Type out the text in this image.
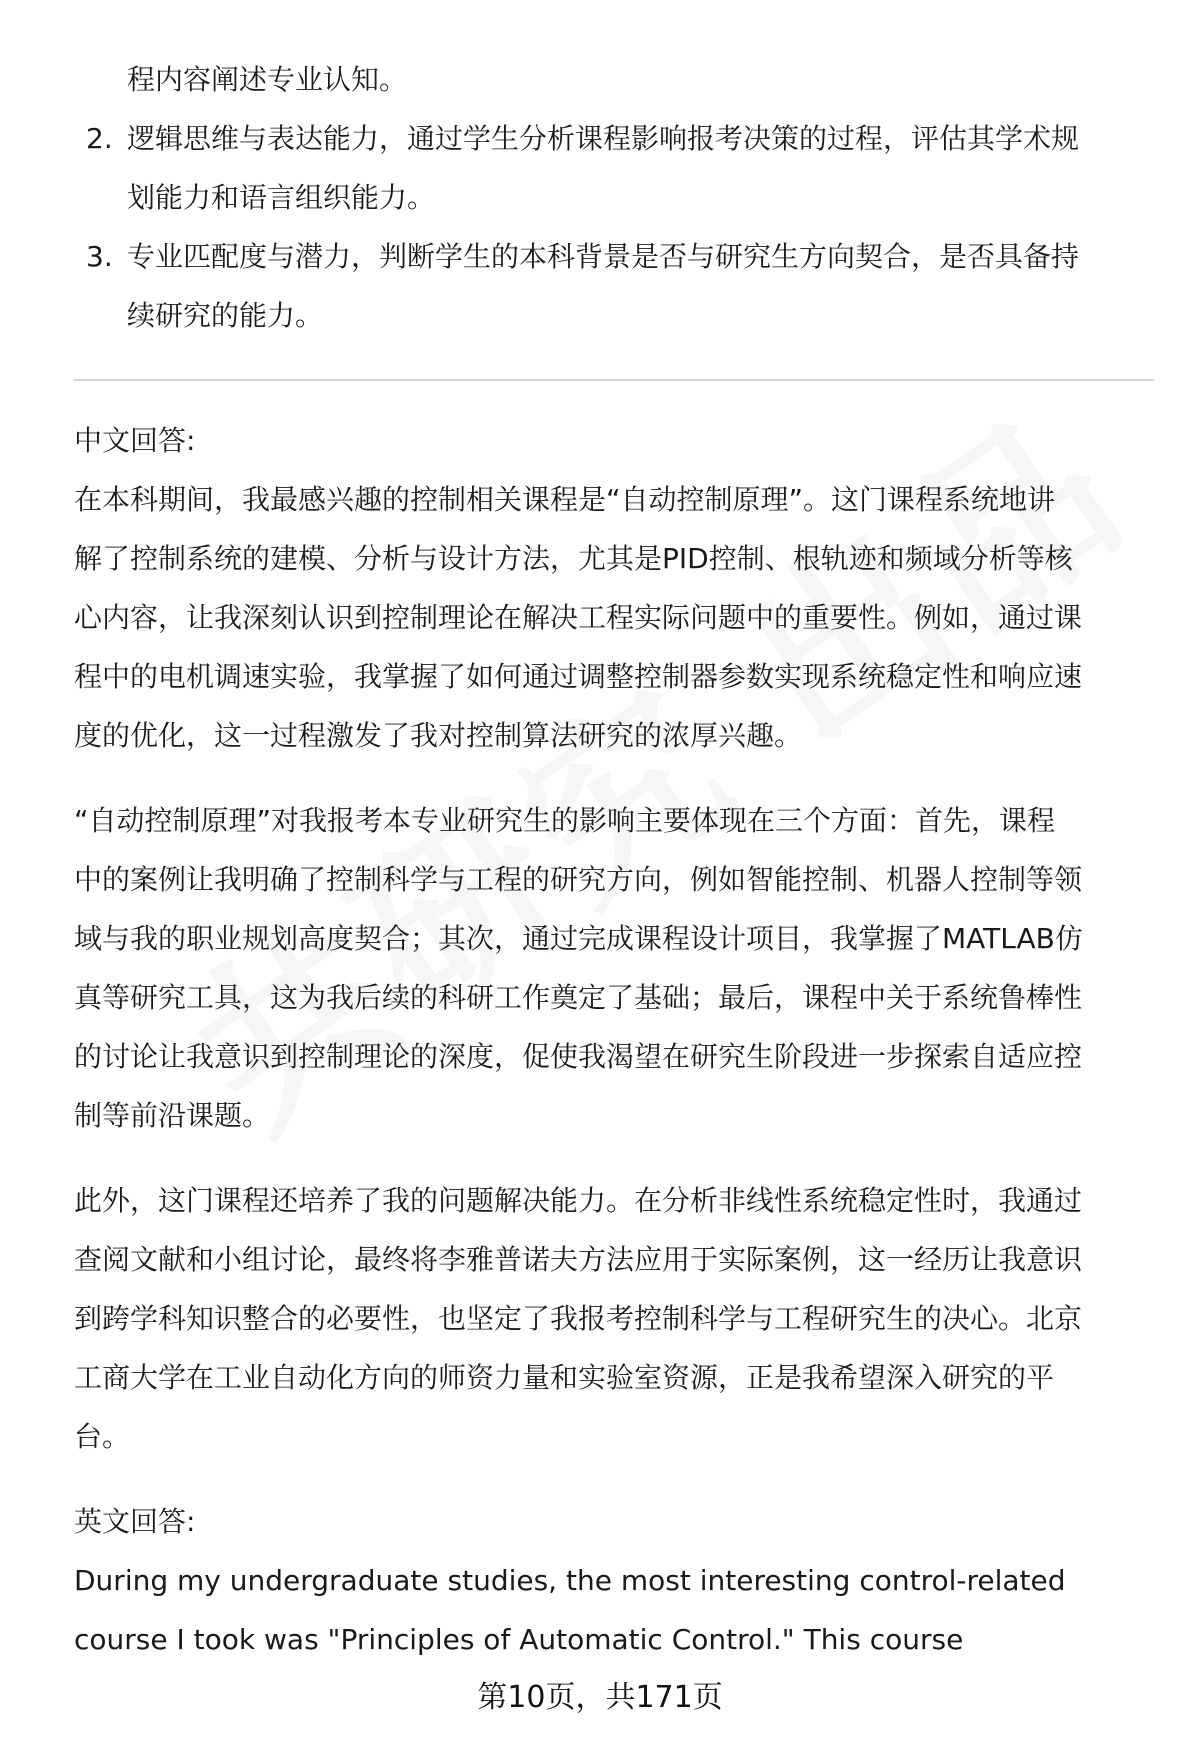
程内容阐述专业认知。
2. 逻辑思维与表达能力，通过学生分析课程影响报考决策的过程，评估其学术规
划能力和语言组织能力。
3. 专业匹配度与潜力，判断学生的本科背景是否与研究生方向契合，是否具备持
续研究的能力。
中文回答:
在本科期间，我最感兴趣的控制相关课程是“自动控制原理”。这门课程系统地讲
解了控制系统的建模、分析与设计方法，尤其是PID控制、根轨迹和频域分析等核
心内容，让我深刻认识到控制理论在解决工程实际问题中的重要性。例如，通过课
程中的电机调速实验，我掌握了如何通过调整控制器参数实现系统稳定性和响应速
度的优化，这一过程激发了我对控制算法研究的浓厚兴趣。
“自动控制原理”对我报考本专业研究生的影响主要体现在三个方面：首先，课程
中的案例让我明确了控制科学与工程的研究方向，例如智能控制、机器人控制等领
域与我的职业规划高度契合；其次，通过完成课程设计项目，我掌握了MATLAB仿
真等研究工具，这为我后续的科研工作奠定了基础；最后，课程中关于系统鲁棒性
的讨论让我意识到控制理论的深度，促使我渴望在研究生阶段进一步探索自适应控
制等前沿课题。
此外，这门课程还培养了我的问题解决能力。在分析非线性系统稳定性时，我通过
查阅文献和小组讨论，最终将李雅普诺夫方法应用于实际案例，这一经历让我意识
到跨学科知识整合的必要性，也坚定了我报考控制科学与工程研究生的决心。北京
工商大学在工业自动化方向的师资力量和实验室资源，正是我希望深入研究的平
台。
英文回答:
During my undergraduate studies, the most interesting control-related
course I took was "Principles of Automatic Control." This course
第10页，共171页
